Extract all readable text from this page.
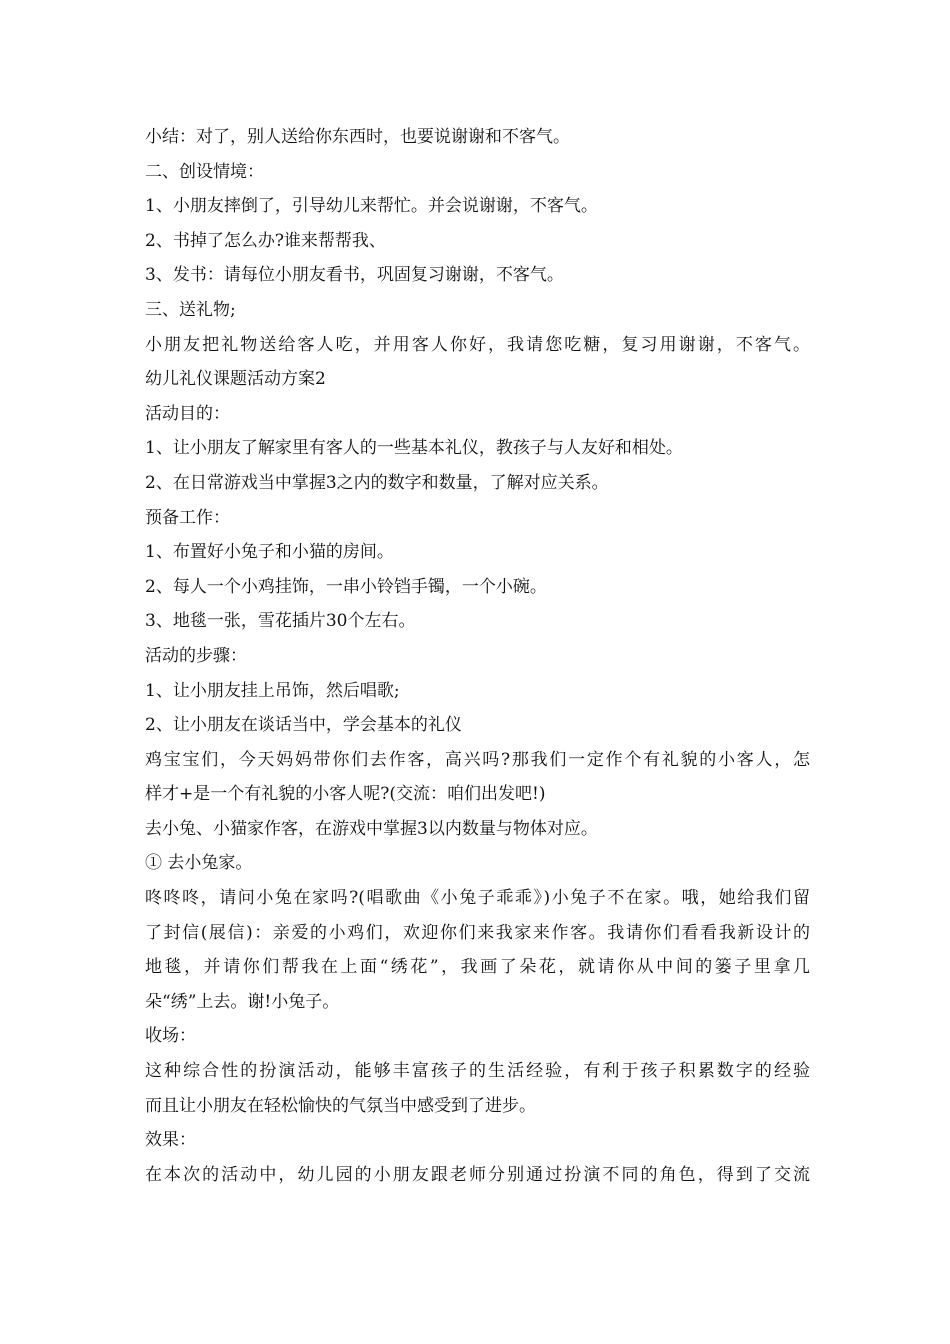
小结：对了，别人送给你东西时，也要说谢谢和不客气。
二、创设情境：
1、小朋友摔倒了，引导幼儿来帮忙。并会说谢谢，不客气。
2、书掉了怎么办?谁来帮帮我、
3、发书：请每位小朋友看书，巩固复习谢谢，不客气。
三、送礼物;
小朋友把礼物送给客人吃，并用客人你好，我请您吃糖，复习用谢谢，不客气。
幼儿礼仪课题活动方案2
活动目的：
1、让小朋友了解家里有客人的一些基本礼仪，教孩子与人友好和相处。
2、在日常游戏当中掌握3之内的数字和数量，了解对应关系。
预备工作：
1、布置好小兔子和小猫的房间。
2、每人一个小鸡挂饰，一串小铃铛手镯，一个小碗。
3、地毯一张，雪花插片30个左右。
活动的步骤：
1、让小朋友挂上吊饰，然后唱歌;
2、让小朋友在谈话当中，学会基本的礼仪
鸡宝宝们，今天妈妈带你们去作客，高兴吗?那我们一定作个有礼貌的小客人，怎
样才+是一个有礼貌的小客人呢?(交流：咱们出发吧!)
去小兔、小猫家作客，在游戏中掌握3以内数量与物体对应。
① 去小兔家。
咚咚咚，请问小兔在家吗?(唱歌曲《小兔子乖乖》)小兔子不在家。哦，她给我们留
了封信(展信)：亲爱的小鸡们，欢迎你们来我家来作客。我请你们看看我新设计的
地毯，并请你们帮我在上面“绣花”，我画了朵花，就请你从中间的篓子里拿几
朵“绣”上去。谢!小兔子。
收场：
这种综合性的扮演活动，能够丰富孩子的生活经验，有利于孩子积累数字的经验
而且让小朋友在轻松愉快的气氛当中感受到了进步。
效果：
在本次的活动中，幼儿园的小朋友跟老师分别通过扮演不同的角色，得到了交流
